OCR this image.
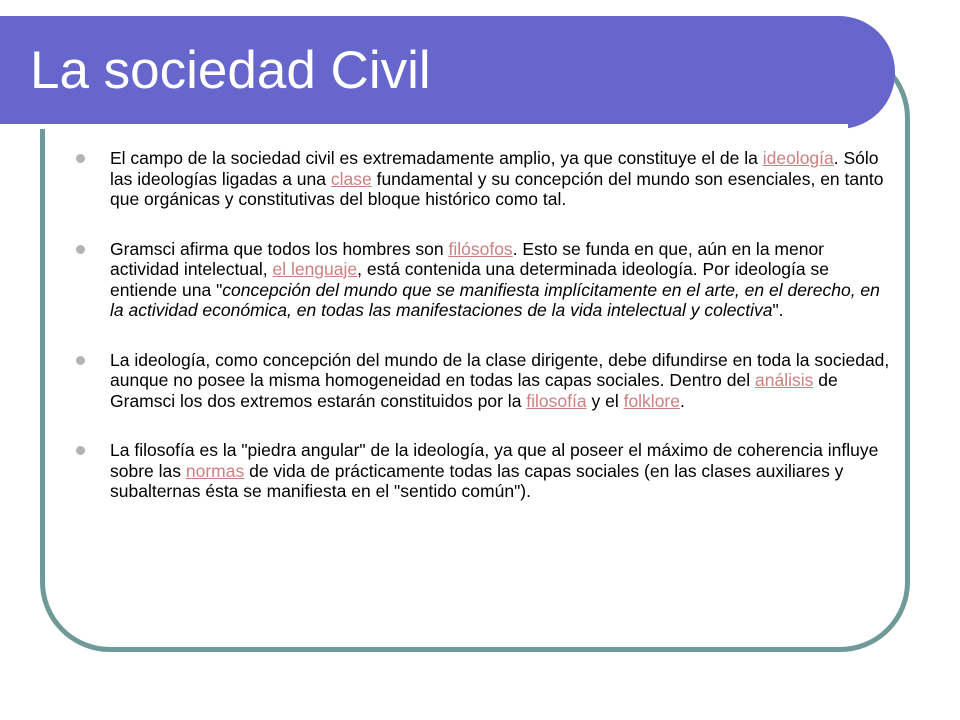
La sociedad Civil
El campo de la sociedad civil es extremadamente amplio, ya que constituye el de la ideología. Sólo las ideologías ligadas a una clase fundamental y su concepción del mundo son esenciales, en tanto que orgánicas y constitutivas del bloque histórico como tal.
Gramsci afirma que todos los hombres son filósofos. Esto se funda en que, aún en la menor actividad intelectual, el lenguaje, está contenida una determinada ideología. Por ideología se entiende una "concepción del mundo que se manifiesta implícitamente en el arte, en el derecho, en la actividad económica, en todas las manifestaciones de la vida intelectual y colectiva".
La ideología, como concepción del mundo de la clase dirigente, debe difundirse en toda la sociedad, aunque no posee la misma homogeneidad en todas las capas sociales. Dentro del análisis de Gramsci los dos extremos estarán constituidos por la filosofía y el folklore.
La filosofía es la "piedra angular" de la ideología, ya que al poseer el máximo de coherencia influye sobre las normas de vida de prácticamente todas las capas sociales (en las clases auxiliares y subalternas ésta se manifiesta en el "sentido común").
